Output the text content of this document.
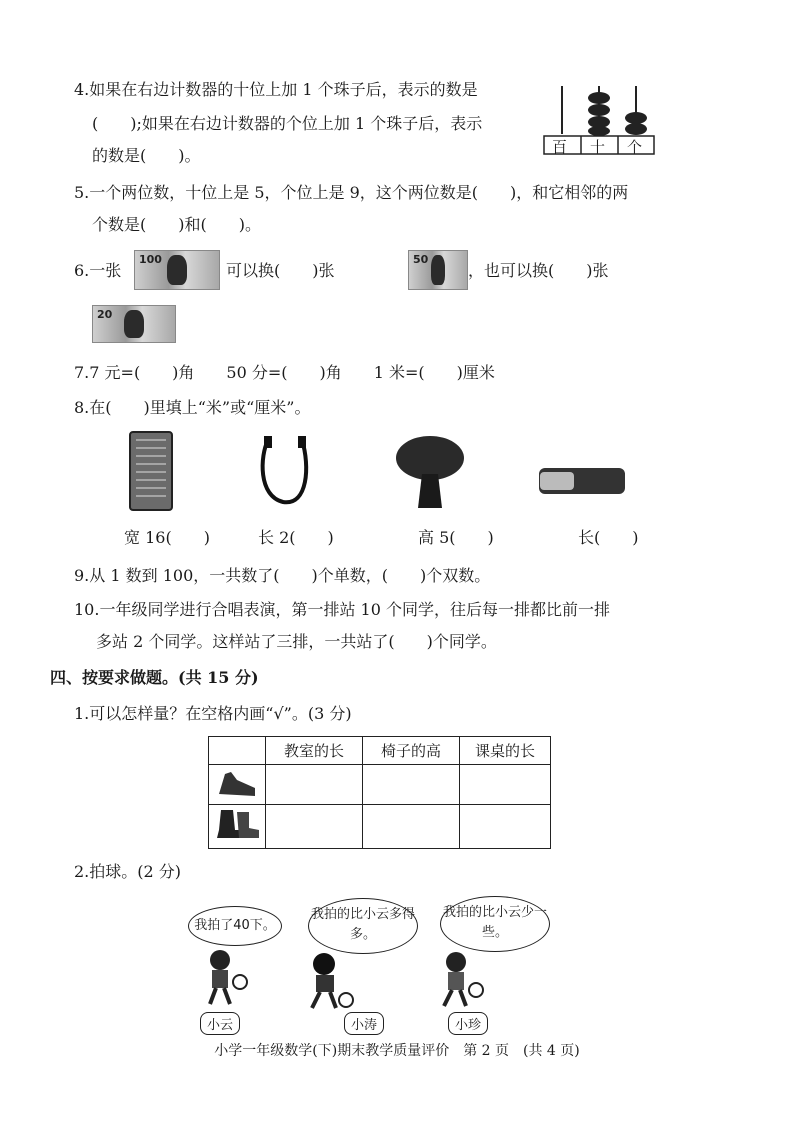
4.如果在右边计数器的十位上加 1 个珠子后，表示的数是
(　　);如果在右边计数器的个位上加 1 个珠子后，表示
的数是(　　)。	百 十 个
5.一个两位数，十位上是 5，个位上是 9，这个两位数是(　　)，和它相邻的两
个数是(　　)和(　　)。
6.一张
100
可以换(　　)张
50
，也可以换(　　)张
20
7.7 元=(　　)角　　50 分=(　　)角　　1 米=(　　)厘米
8.在(　　)里填上“米”或“厘米”。
宽 16(　　)	长 2(　　)	高 5(　　)	长(　　)
9.从 1 数到 100，一共数了(　　)个单数，(　　)个双数。
10.一年级同学进行合唱表演，第一排站 10 个同学，往后每一排都比前一排
多站 2 个同学。这样站了三排，一共站了(　　)个同学。
四、按要求做题。(共 15 分)
1.可以怎样量？在空格内画“√”。(3 分)
	教室的长	椅子的高	课桌的长

2.拍球。(2 分)
我拍了40下。
我拍的比小云多得多。
我拍的比小云少一些。
小云	小涛	小珍
小学一年级数学(下)期末教学质量评价　第 2 页　(共 4 页)
